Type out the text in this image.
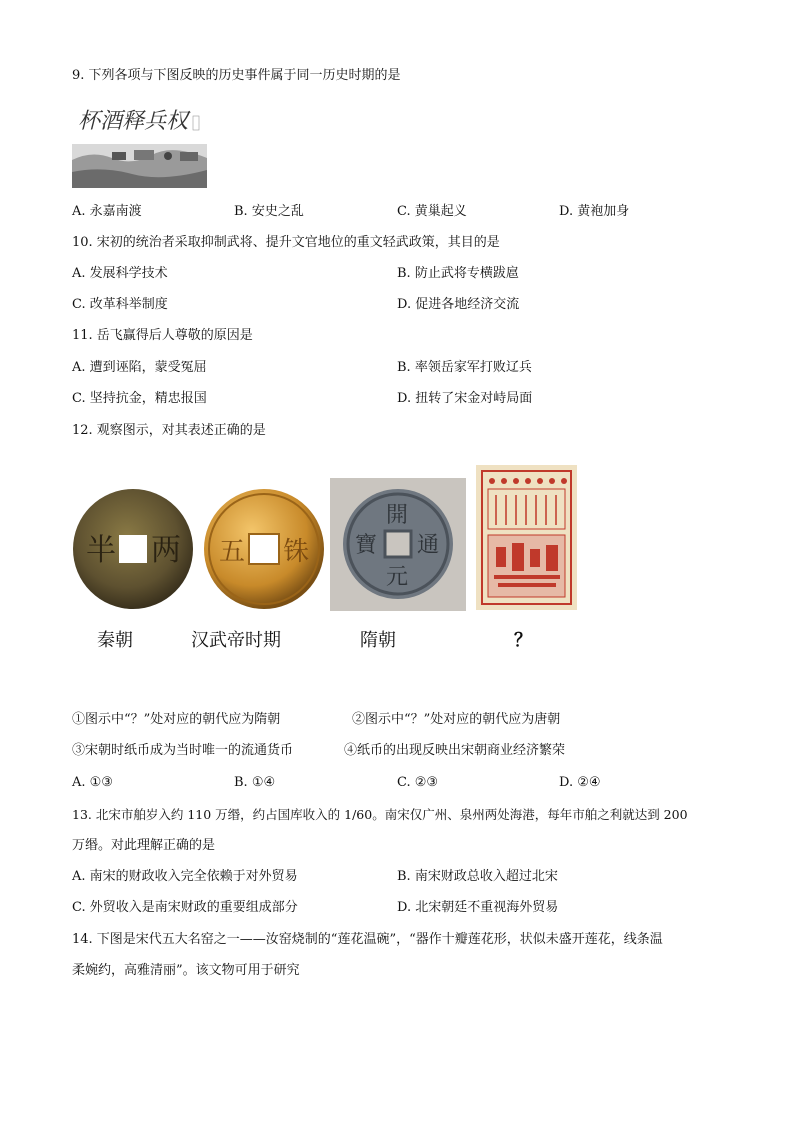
9. 下列各项与下图反映的历史事件属于同一历史时期的是
杯酒释兵权
A. 永嘉南渡	B. 安史之乱	C. 黄巢起义	D. 黄袍加身
10. 宋初的统治者采取抑制武将、提升文官地位的重文轻武政策，其目的是
A. 发展科学技术	B. 防止武将专横跋扈
C. 改革科举制度	D. 促进各地经济交流
11. 岳飞赢得后人尊敬的原因是
A. 遭到诬陷，蒙受冤屈	B. 率领岳家军打败辽兵
C. 坚持抗金，精忠报国	D. 扭转了宋金对峙局面
12. 观察图示，对其表述正确的是
半 两 五 铢
開
元
寶 通
秦朝	汉武帝时期	隋朝	？
①图示中“？”处对应的朝代应为隋朝	②图示中“？”处对应的朝代应为唐朝
③宋朝时纸币成为当时唯一的流通货币	④纸币的出现反映出宋朝商业经济繁荣
A. ①③	B. ①④	C. ②③	D. ②④
13. 北宋市舶岁入约 110 万缗，约占国库收入的 1/60。南宋仅广州、泉州两处海港，每年市舶之利就达到 200
万缗。对此理解正确的是
A. 南宋的财政收入完全依赖于对外贸易	B. 南宋财政总收入超过北宋
C. 外贸收入是南宋财政的重要组成部分	D. 北宋朝廷不重视海外贸易
14. 下图是宋代五大名窑之一——汝窑烧制的“莲花温碗”，“器作十瓣莲花形，状似未盛开莲花，线条温
柔婉约，高雅清丽”。该文物可用于研究
